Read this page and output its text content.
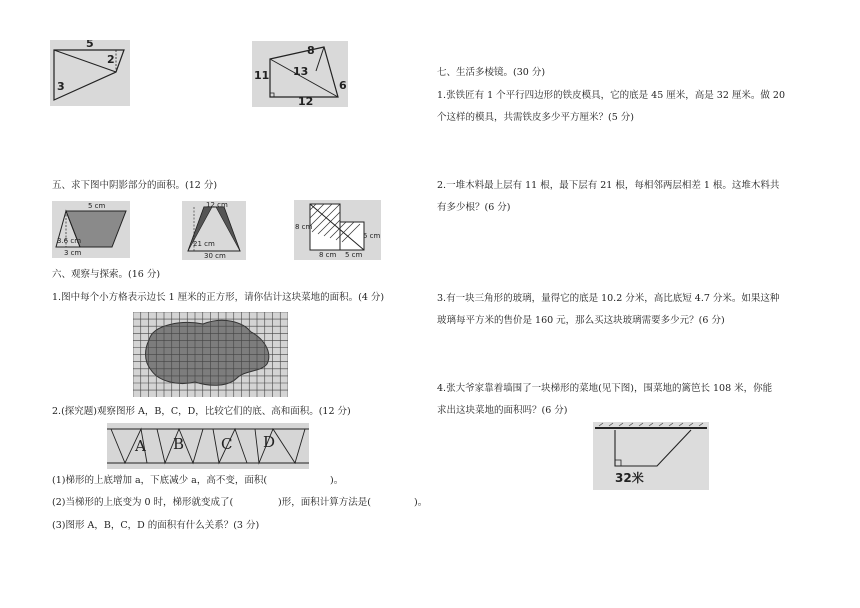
5
2
3
8
13
11
6
12
五、求下图中阴影部分的面积。(12 分)
5 cm
3.6 cm
3 cm
12 cm
21 cm
30 cm
8 cm
5 cm
8 cm 5 cm
六、观察与探索。(16 分)
1.图中每个小方格表示边长 1 厘米的正方形，请你估计这块菜地的面积。(4 分)
2.(探究题)观察图形 A，B，C，D，比较它们的底、高和面积。(12 分)
A B C D
(1)梯形的上底增加 a，下底减少 a，高不变，面积(	)。
(2)当梯形的上底变为 0 时，梯形就变成了(	)形，面积计算方法是(	)。
(3)图形 A，B，C，D 的面积有什么关系？(3 分)
七、生活多棱镜。(30 分)
1.张铁匠有 1 个平行四边形的铁皮模具，它的底是 45 厘米，高是 32 厘米。做 20
个这样的模具，共需铁皮多少平方厘米？(5 分)
2.一堆木料最上层有 11 根，最下层有 21 根，每相邻两层相差 1 根。这堆木料共
有多少根？(6 分)
3.有一块三角形的玻璃，量得它的底是 10.2 分米，高比底短 4.7 分米。如果这种
玻璃每平方米的售价是 160 元，那么买这块玻璃需要多少元？(6 分)
4.张大爷家靠着墙围了一块梯形的菜地(见下图)，围菜地的篱笆长 108 米，你能
求出这块菜地的面积吗？(6 分)
32米
